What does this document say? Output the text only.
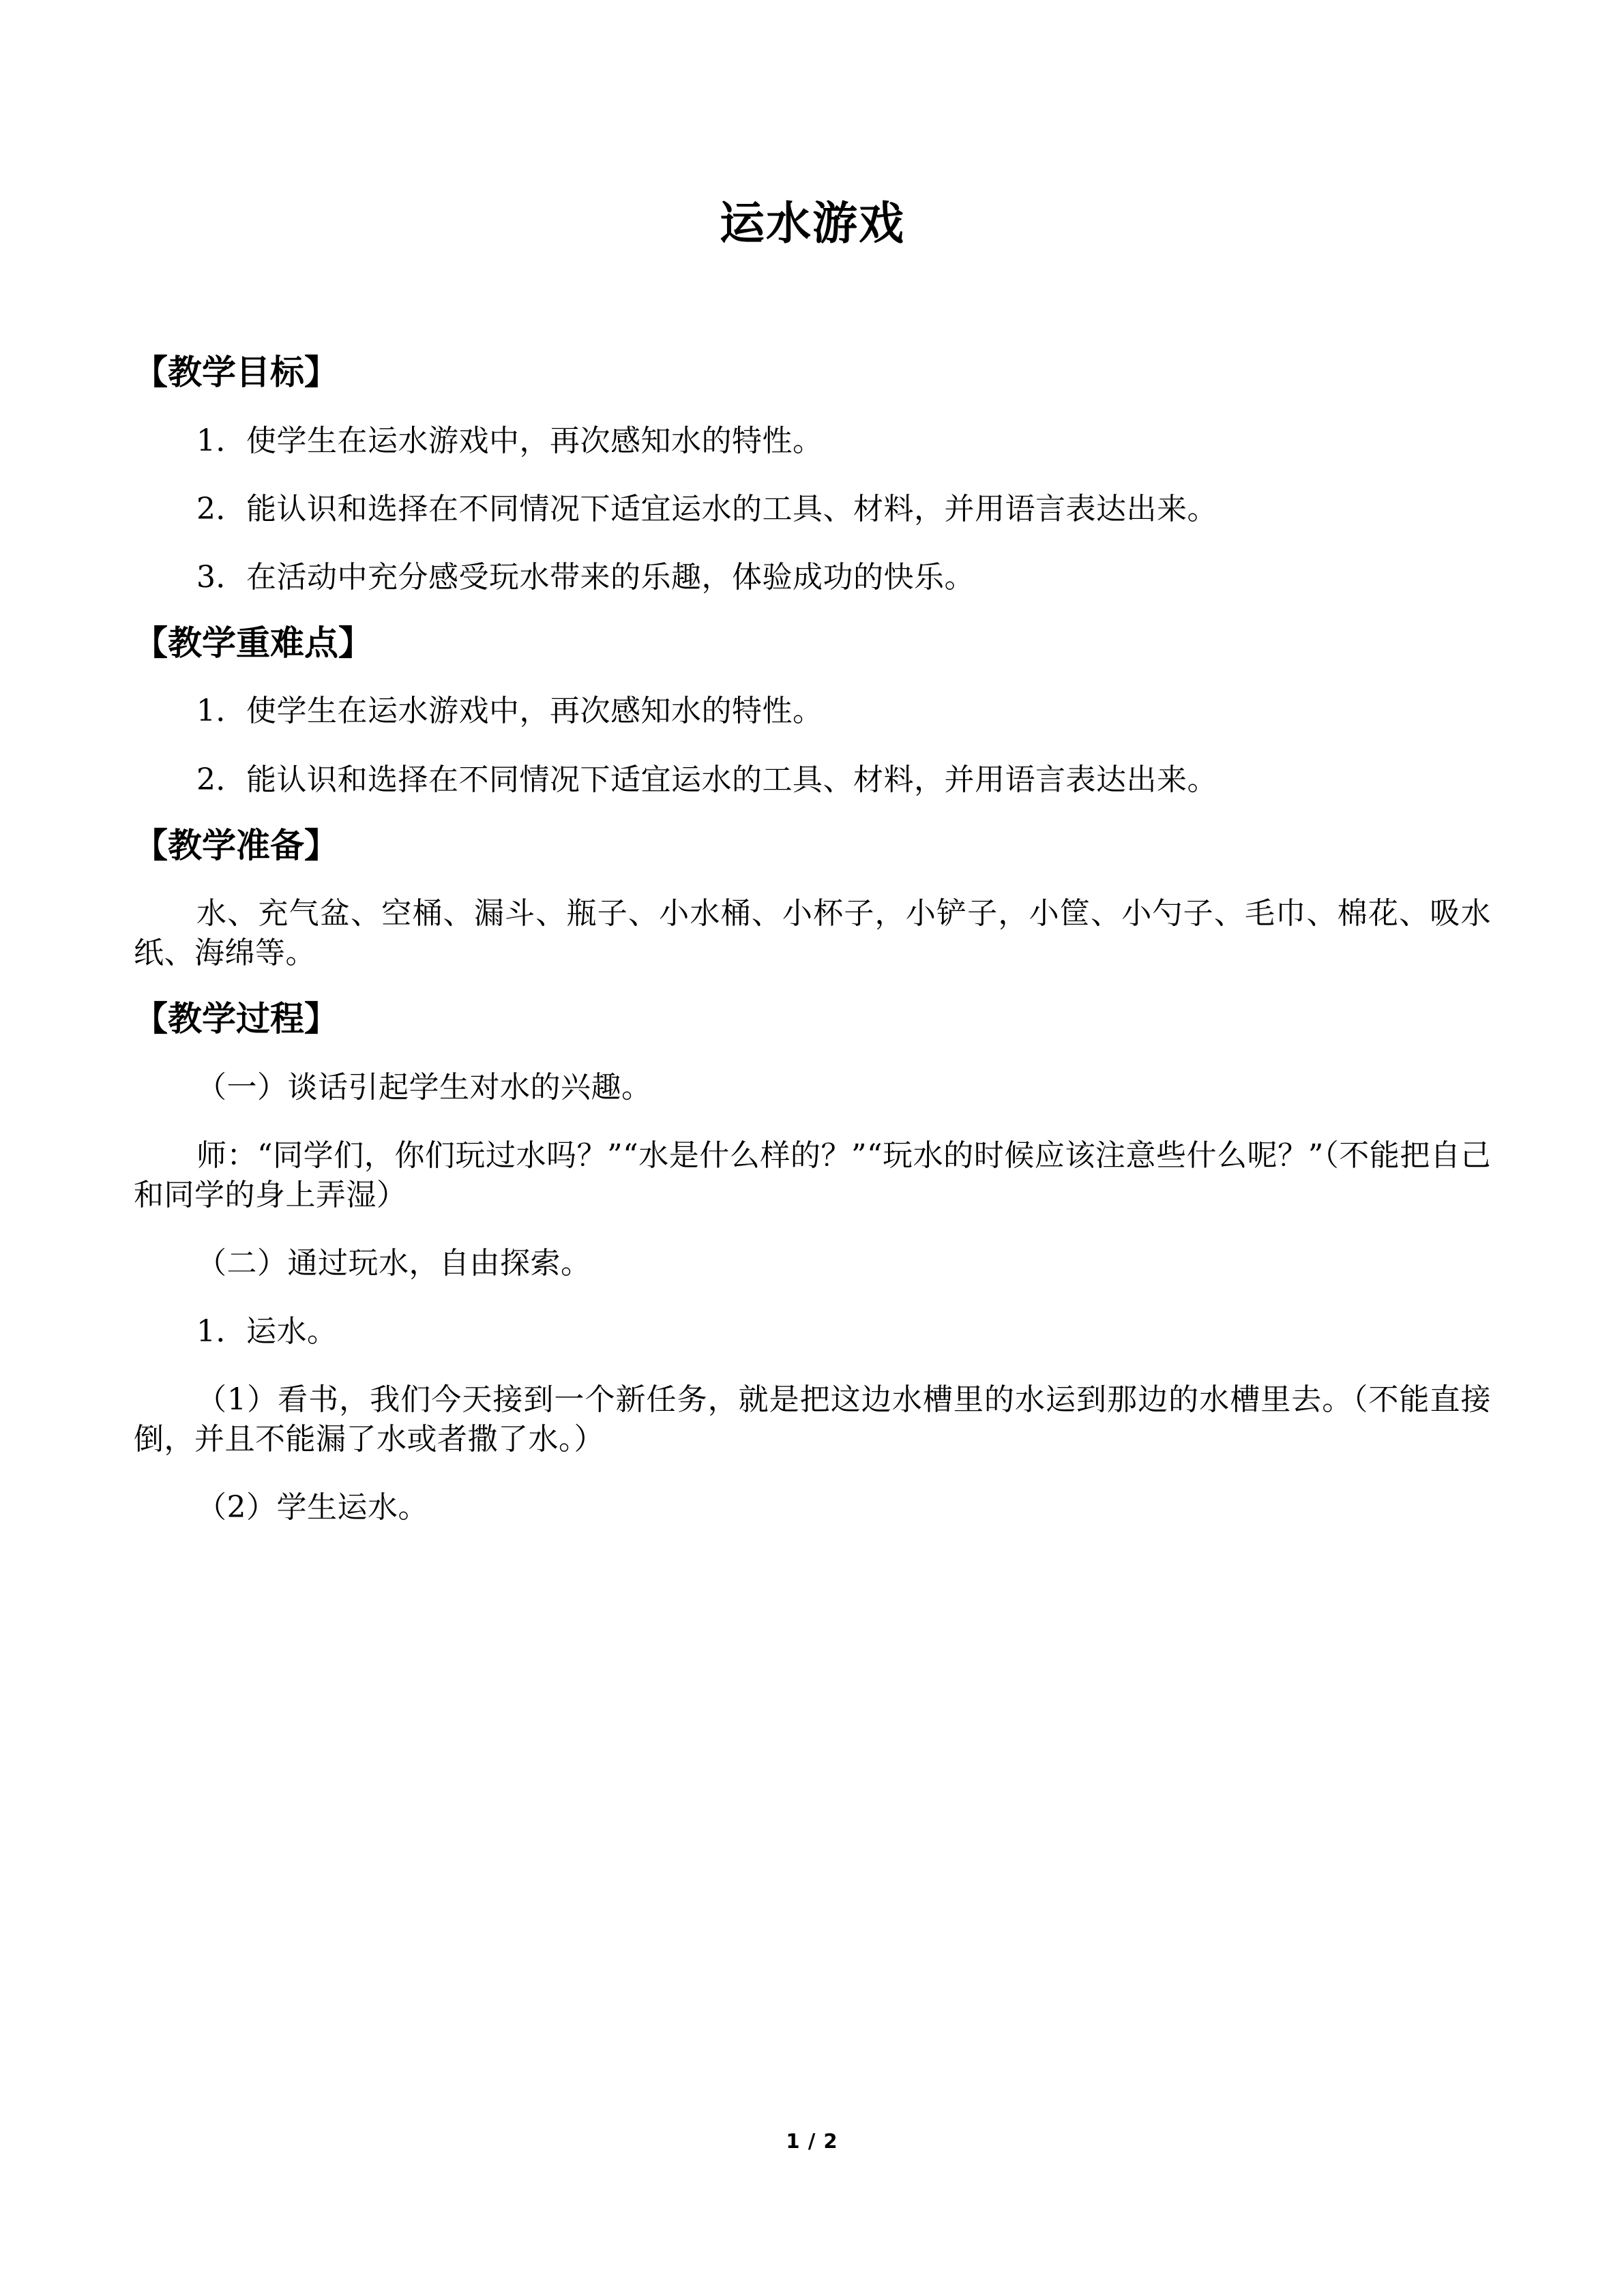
运水游戏
【教学目标】

1．使学生在运水游戏中，再次感知水的特性。

2．能认识和选择在不同情况下适宜运水的工具、材料，并用语言表达出来。

3．在活动中充分感受玩水带来的乐趣，体验成功的快乐。

【教学重难点】

1．使学生在运水游戏中，再次感知水的特性。

2．能认识和选择在不同情况下适宜运水的工具、材料，并用语言表达出来。

【教学准备】

水、充气盆、空桶、漏斗、瓶子、小水桶、小杯子，小铲子，小筐、小勺子、毛巾、棉花、吸水纸、海绵等。

【教学过程】

（一）谈话引起学生对水的兴趣。

师：“同学们，你们玩过水吗？”“水是什么样的？”“玩水的时候应该注意些什么呢？”（不能把自己和同学的身上弄湿）

（二）通过玩水，自由探索。

1．运水。

（1）看书，我们今天接到一个新任务，就是把这边水槽里的水运到那边的水槽里去。（不能直接倒，并且不能漏了水或者撒了水。）

（2）学生运水。

1 / 2
